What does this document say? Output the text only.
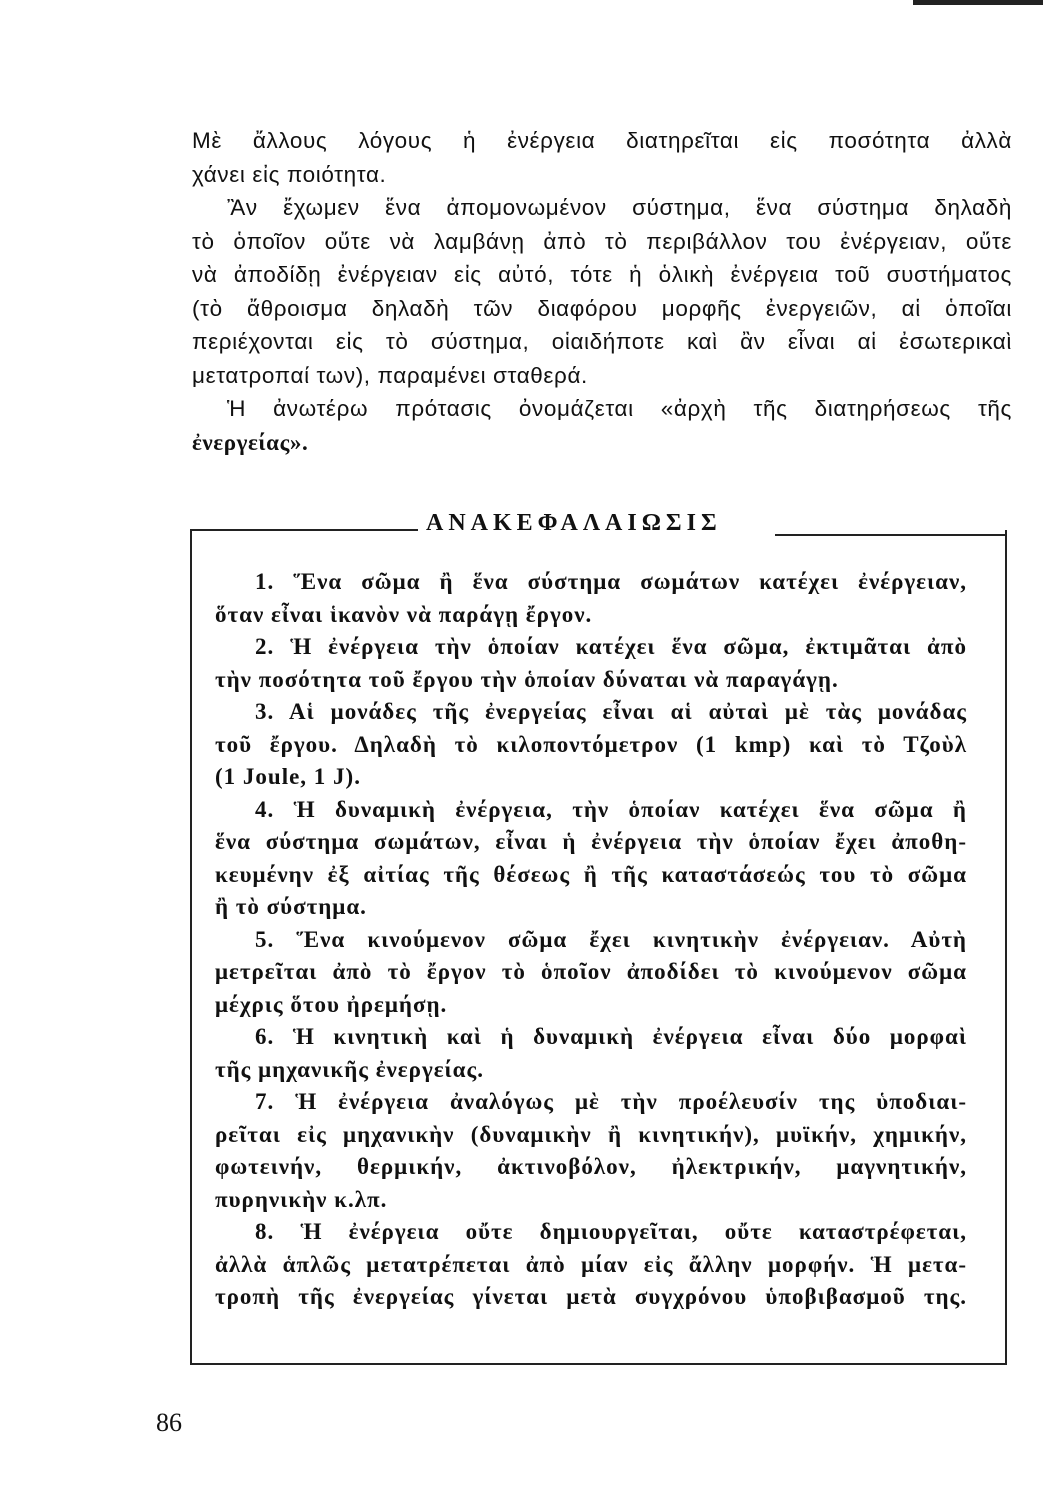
Μὲ ἄλλους λόγους ἡ ἐνέργεια διατηρεῖται εἰς ποσότητα ἀλλὰ
χάνει εἰς ποιότητα.

Ἂν ἔχωμεν ἕνα ἀπομονωμένον σύστημα, ἕνα σύστημα δηλαδὴ

τὸ ὁποῖον οὔτε νὰ λαμβάνῃ ἀπὸ τὸ περιβάλλον του ἐνέργειαν, οὔτε
νὰ ἀποδίδῃ ἐνέργειαν εἰς αὐτό, τότε ἡ ὁλικὴ ἐνέργεια τοῦ συστήματος
(τὸ ἄθροισμα δηλαδὴ τῶν διαφόρου μορφῆς ἐνεργειῶν, αἱ ὁποῖαι
περιέχονται εἰς τὸ σύστημα, οἱαιδήποτε καὶ ἂν εἶναι αἱ ἐσωτερικαὶ
μετατροπαί των), παραμένει σταθερά.

Ἡ ἀνωτέρω πρότασις ὀνομάζεται «ἀρχὴ τῆς διατηρήσεως τῆς

ἐνεργείας».

ΑΝΑΚΕΦΑΛΑΙΩΣΙΣ

1. Ἕνα σῶμα ἢ ἕνα σύστημα σωμάτων κατέχει ἐνέργειαν,
ὅταν εἶναι ἱκανὸν νὰ παράγῃ ἔργον.

2. Ἡ ἐνέργεια τὴν ὁποίαν κατέχει ἕνα σῶμα, ἐκτιμᾶται ἀπὸ
τὴν ποσότητα τοῦ ἔργου τὴν ὁποίαν δύναται νὰ παραγάγῃ.

3. Αἱ μονάδες τῆς ἐνεργείας εἶναι αἱ αὐταὶ μὲ τὰς μονάδας
τοῦ ἔργου. Δηλαδὴ τὸ κιλοποντόμετρον (1 kmp) καὶ τὸ Τζοὺλ
(1 Joule, 1 J).

4. Ἡ δυναμικὴ ἐνέργεια, τὴν ὁποίαν κατέχει ἕνα σῶμα ἢ
ἕνα σύστημα σωμάτων, εἶναι ἡ ἐνέργεια τὴν ὁποίαν ἔχει ἀποθη-
κευμένην ἐξ αἰτίας τῆς θέσεως ἢ τῆς καταστάσεώς του τὸ σῶμα
ἢ τὸ σύστημα.

5. Ἕνα κινούμενον σῶμα ἔχει κινητικὴν ἐνέργειαν. Αὐτὴ
μετρεῖται ἀπὸ τὸ ἔργον τὸ ὁποῖον ἀποδίδει τὸ κινούμενον σῶμα
μέχρις ὅτου ἠρεμήσῃ.

6. Ἡ κινητικὴ καὶ ἡ δυναμικὴ ἐνέργεια εἶναι δύο μορφαὶ
τῆς μηχανικῆς ἐνεργείας.

7. Ἡ ἐνέργεια ἀναλόγως μὲ τὴν προέλευσίν της ὑποδιαι-
ρεῖται εἰς μηχανικὴν (δυναμικὴν ἢ κινητικήν), μυϊκήν, χημικήν,
φωτεινήν, θερμικήν, ἀκτινοβόλον, ἠλεκτρικήν, μαγνητικήν,
πυρηνικὴν κ.λπ.

8. Ἡ ἐνέργεια οὔτε δημιουργεῖται, οὔτε καταστρέφεται,
ἀλλὰ ἁπλῶς μετατρέπεται ἀπὸ μίαν εἰς ἄλλην μορφήν. Ἡ μετα-
τροπὴ τῆς ἐνεργείας γίνεται μετὰ συγχρόνου ὑποβιβασμοῦ της.

86
